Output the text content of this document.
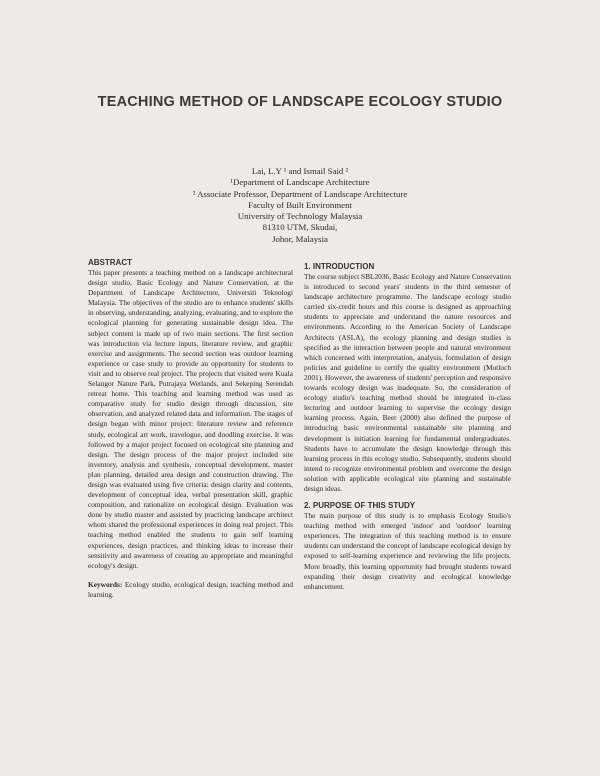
TEACHING METHOD OF LANDSCAPE ECOLOGY STUDIO
Lai, L.Y ¹ and Ismail Said ²
¹Department of Landscape Architecture
² Associate Professor, Department of Landscape Architecture
Faculty of Built Environment
University of Technology Malaysia
81310 UTM, Skudai,
Johor, Malaysia
ABSTRACT

This paper presents a teaching method on a landscape architectural design studio, Basic Ecology and Nature Conservation, at the Department of Landscape Architecture, Universiti Teknologi Malaysia. The objectives of the studio are to enhance students' skills in observing, understanding, analyzing, evaluating, and to explore the ecological planning for generating sustainable design idea. The subject content is made up of two main sections. The first section was introduction via lecture inputs, literature review, and graphic exercise and assignments. The second section was outdoor learning experience or case study to provide an opportunity for students to visit and to observe real project. The projects that visited were Kuala Selangor Nature Park, Putrajaya Wetlands, and Sekeping Serendah retreat home. This teaching and learning method was used as comparative study for studio design through discussion, site observation, and analyzed related data and information. The stages of design began with minor project: literature review and reference study, ecological art work, travelogue, and doodling exercise. It was followed by a major project focused on ecological site planning and design. The design process of the major project included site inventory, analysis and synthesis, conceptual development, master plan planning, detailed area design and construction drawing. The design was evaluated using five criteria: design clarity and contents, development of conceptual idea, verbal presentation skill, graphic composition, and rationalize on ecological design. Evaluation was done by studio master and assisted by practicing landscape architect whom shared the professional experiences in doing real project. This teaching method enabled the students to gain self learning experiences, design practices, and thinking ideas to increase their sensitivity and awareness of creating an appropriate and meaningful ecology's design.

Keywords: Ecology studio, ecological design, teaching method and learning.

1. INTRODUCTION

The course subject SBL2036, Basic Ecology and Nature Conservation is introduced to second years' students in the third semester of landscape architecture programme. The landscape ecology studio carried six-credit hours and this course is designed as approaching students to appreciate and understand the nature resources and environments. According to the American Society of Landscape Architects (ASLA), the ecology planning and design studies is specified as the interaction between people and natural environment which concerned with interpretation, analysis, formulation of design policies and guideline to certify the quality environment (Motloch 2001). However, the awareness of students' perception and responsive towards ecology design was inadequate. So, the consideration of ecology studio's teaching method should be integrated in-class lecturing and outdoor learning to supervise the ecology design learning process. Again, Beer (2000) also defined the purpose of introducing basic environmental sustainable site planning and development is initiation learning for fundamental undergraduates. Students have to accumulate the design knowledge through this learning process in this ecology studio. Subsequently, students should intend to recognize environmental problem and overcome the design solution with applicable ecological site planning and sustainable design ideas.

2. PURPOSE OF THIS STUDY

The main purpose of this study is to emphasis Ecology Studio's teaching method with emerged 'indoor' and 'outdoor' learning experiences. The integration of this teaching method is to ensure students can understand the concept of landscape ecological design by exposed to self-learning experience and reviewing the life projects. More broadly, this learning opportunity had brought students toward expanding their design creativity and ecological knowledge enhancement.
